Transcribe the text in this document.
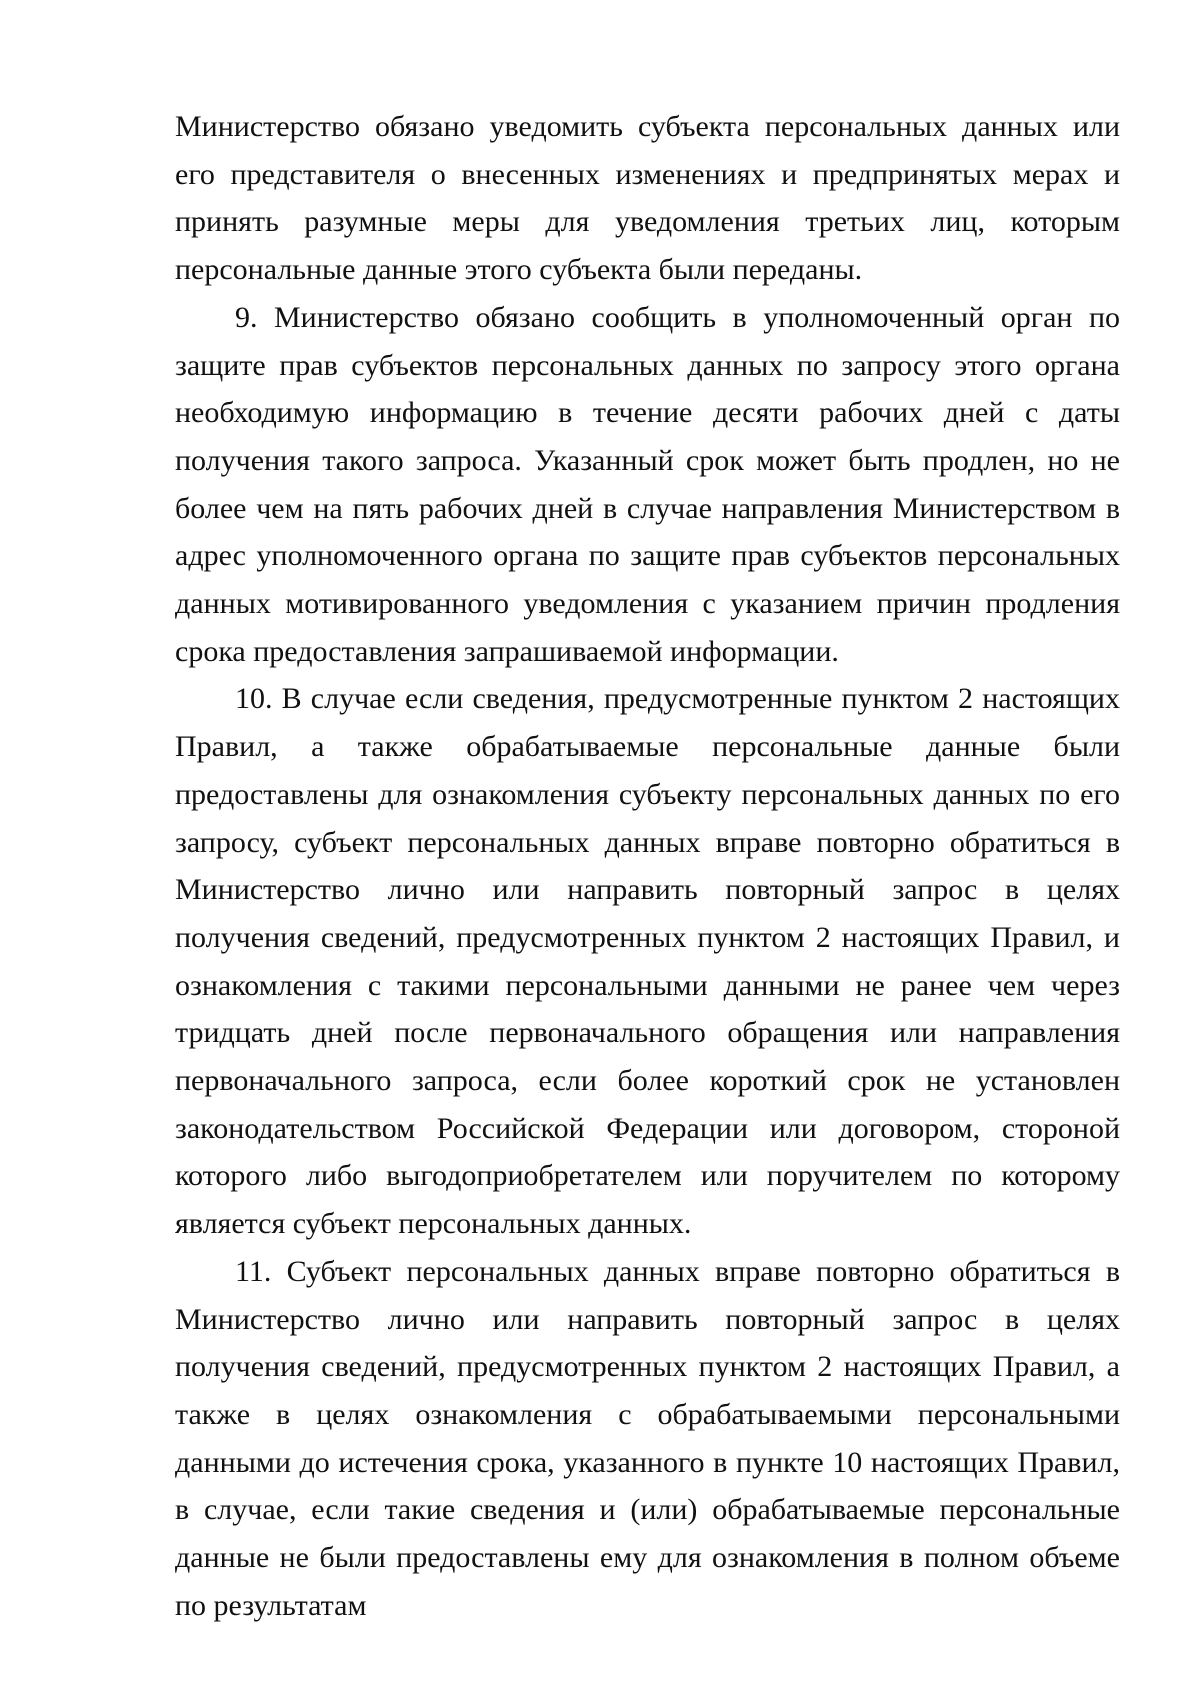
Министерство обязано уведомить субъекта персональных данных или его представителя о внесенных изменениях и предпринятых мерах и принять разумные меры для уведомления третьих лиц, которым персональные данные этого субъекта были переданы.

9. Министерство обязано сообщить в уполномоченный орган по защите прав субъектов персональных данных по запросу этого органа необходимую информацию в течение десяти рабочих дней с даты получения такого запроса. Указанный срок может быть продлен, но не более чем на пять рабочих дней в случае направления Министерством в адрес уполномоченного органа по защите прав субъектов персональных данных мотивированного уведомления с указанием причин продления срока предоставления запрашиваемой информации.

10. В случае если сведения, предусмотренные пунктом 2 настоящих Правил, а также обрабатываемые персональные данные были предоставлены для ознакомления субъекту персональных данных по его запросу, субъект персональных данных вправе повторно обратиться в Министерство лично или направить повторный запрос в целях получения сведений, предусмотренных пунктом 2 настоящих Правил, и ознакомления с такими персональными данными не ранее чем через тридцать дней после первоначального обращения или направления первоначального запроса, если более короткий срок не установлен законодательством Российской Федерации или договором, стороной которого либо выгодоприобретателем или поручителем по которому является субъект персональных данных.

11. Субъект персональных данных вправе повторно обратиться в Министерство лично или направить повторный запрос в целях получения сведений, предусмотренных пунктом 2 настоящих Правил, а также в целях ознакомления с обрабатываемыми персональными данными до истечения срока, указанного в пункте 10 настоящих Правил, в случае, если такие сведения и (или) обрабатываемые персональные данные не были предоставлены ему для ознакомления в полном объеме по результатам
